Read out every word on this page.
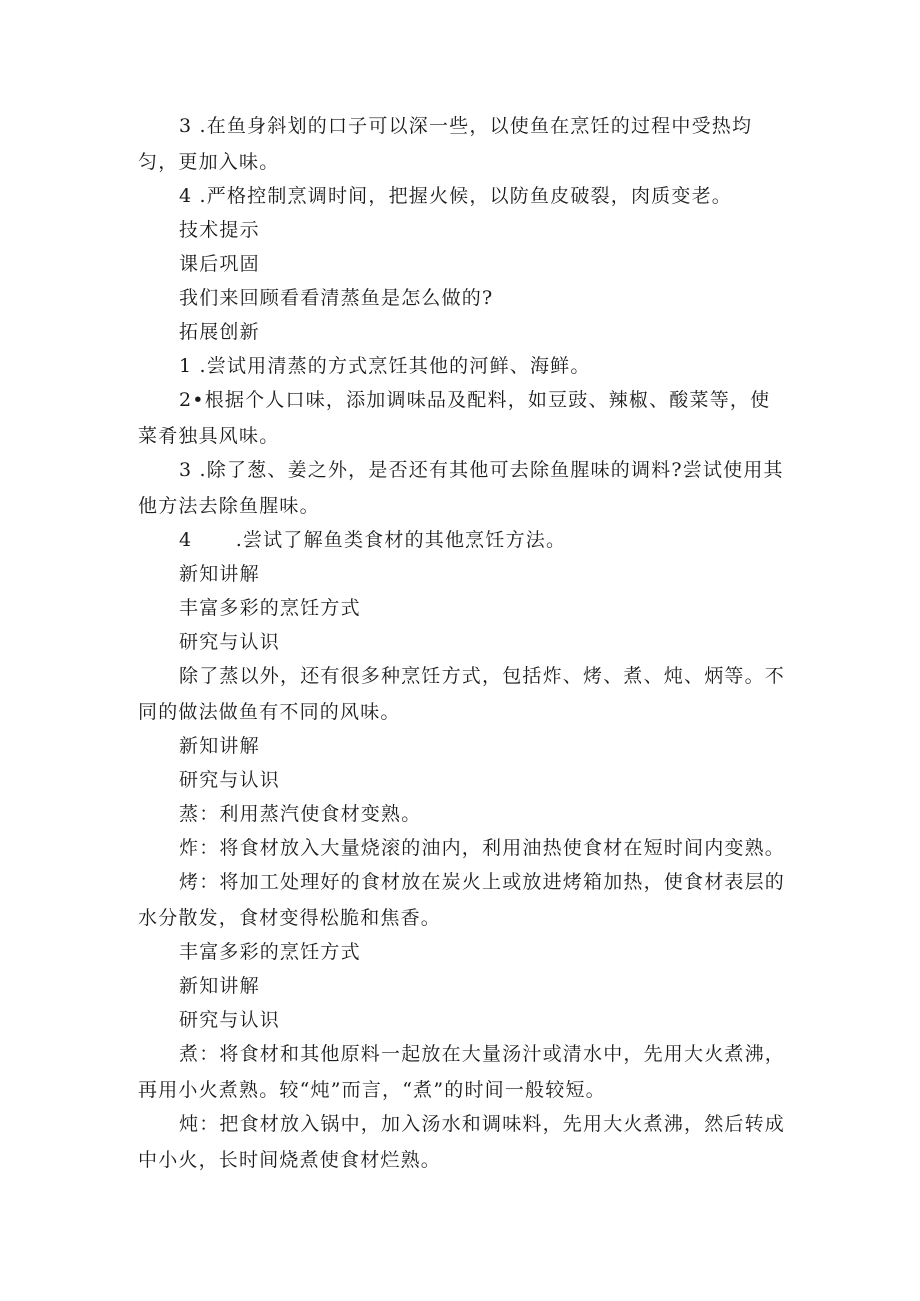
3 .在鱼身斜划的口子可以深一些，以使鱼在烹饪的过程中受热均匀，更加入味。

4 .严格控制烹调时间，把握火候，以防鱼皮破裂，肉质变老。

技术提示

课后巩固

我们来回顾看看清蒸鱼是怎么做的?

拓展创新

1 .尝试用清蒸的方式烹饪其他的河鲜、海鲜。

2•根据个人口味，添加调味品及配料，如豆豉、辣椒、酸菜等，使菜肴独具风味。

3 .除了葱、姜之外，是否还有其他可去除鱼腥味的调料?尝试使用其他方法去除鱼腥味。

4      .尝试了解鱼类食材的其他烹饪方法。

新知讲解

丰富多彩的烹饪方式

研究与认识

除了蒸以外，还有很多种烹饪方式，包括炸、烤、煮、炖、炳等。不同的做法做鱼有不同的风味。

新知讲解

研究与认识

蒸：利用蒸汽使食材变熟。

炸：将食材放入大量烧滚的油内，利用油热使食材在短时间内变熟。

烤：将加工处理好的食材放在炭火上或放进烤箱加热，使食材表层的水分散发，食材变得松脆和焦香。

丰富多彩的烹饪方式

新知讲解

研究与认识

煮：将食材和其他原料一起放在大量汤汁或清水中，先用大火煮沸，再用小火煮熟。较“炖”而言，“煮”的时间一般较短。

炖：把食材放入锅中，加入汤水和调味料，先用大火煮沸，然后转成中小火，长时间烧煮使食材烂熟。
